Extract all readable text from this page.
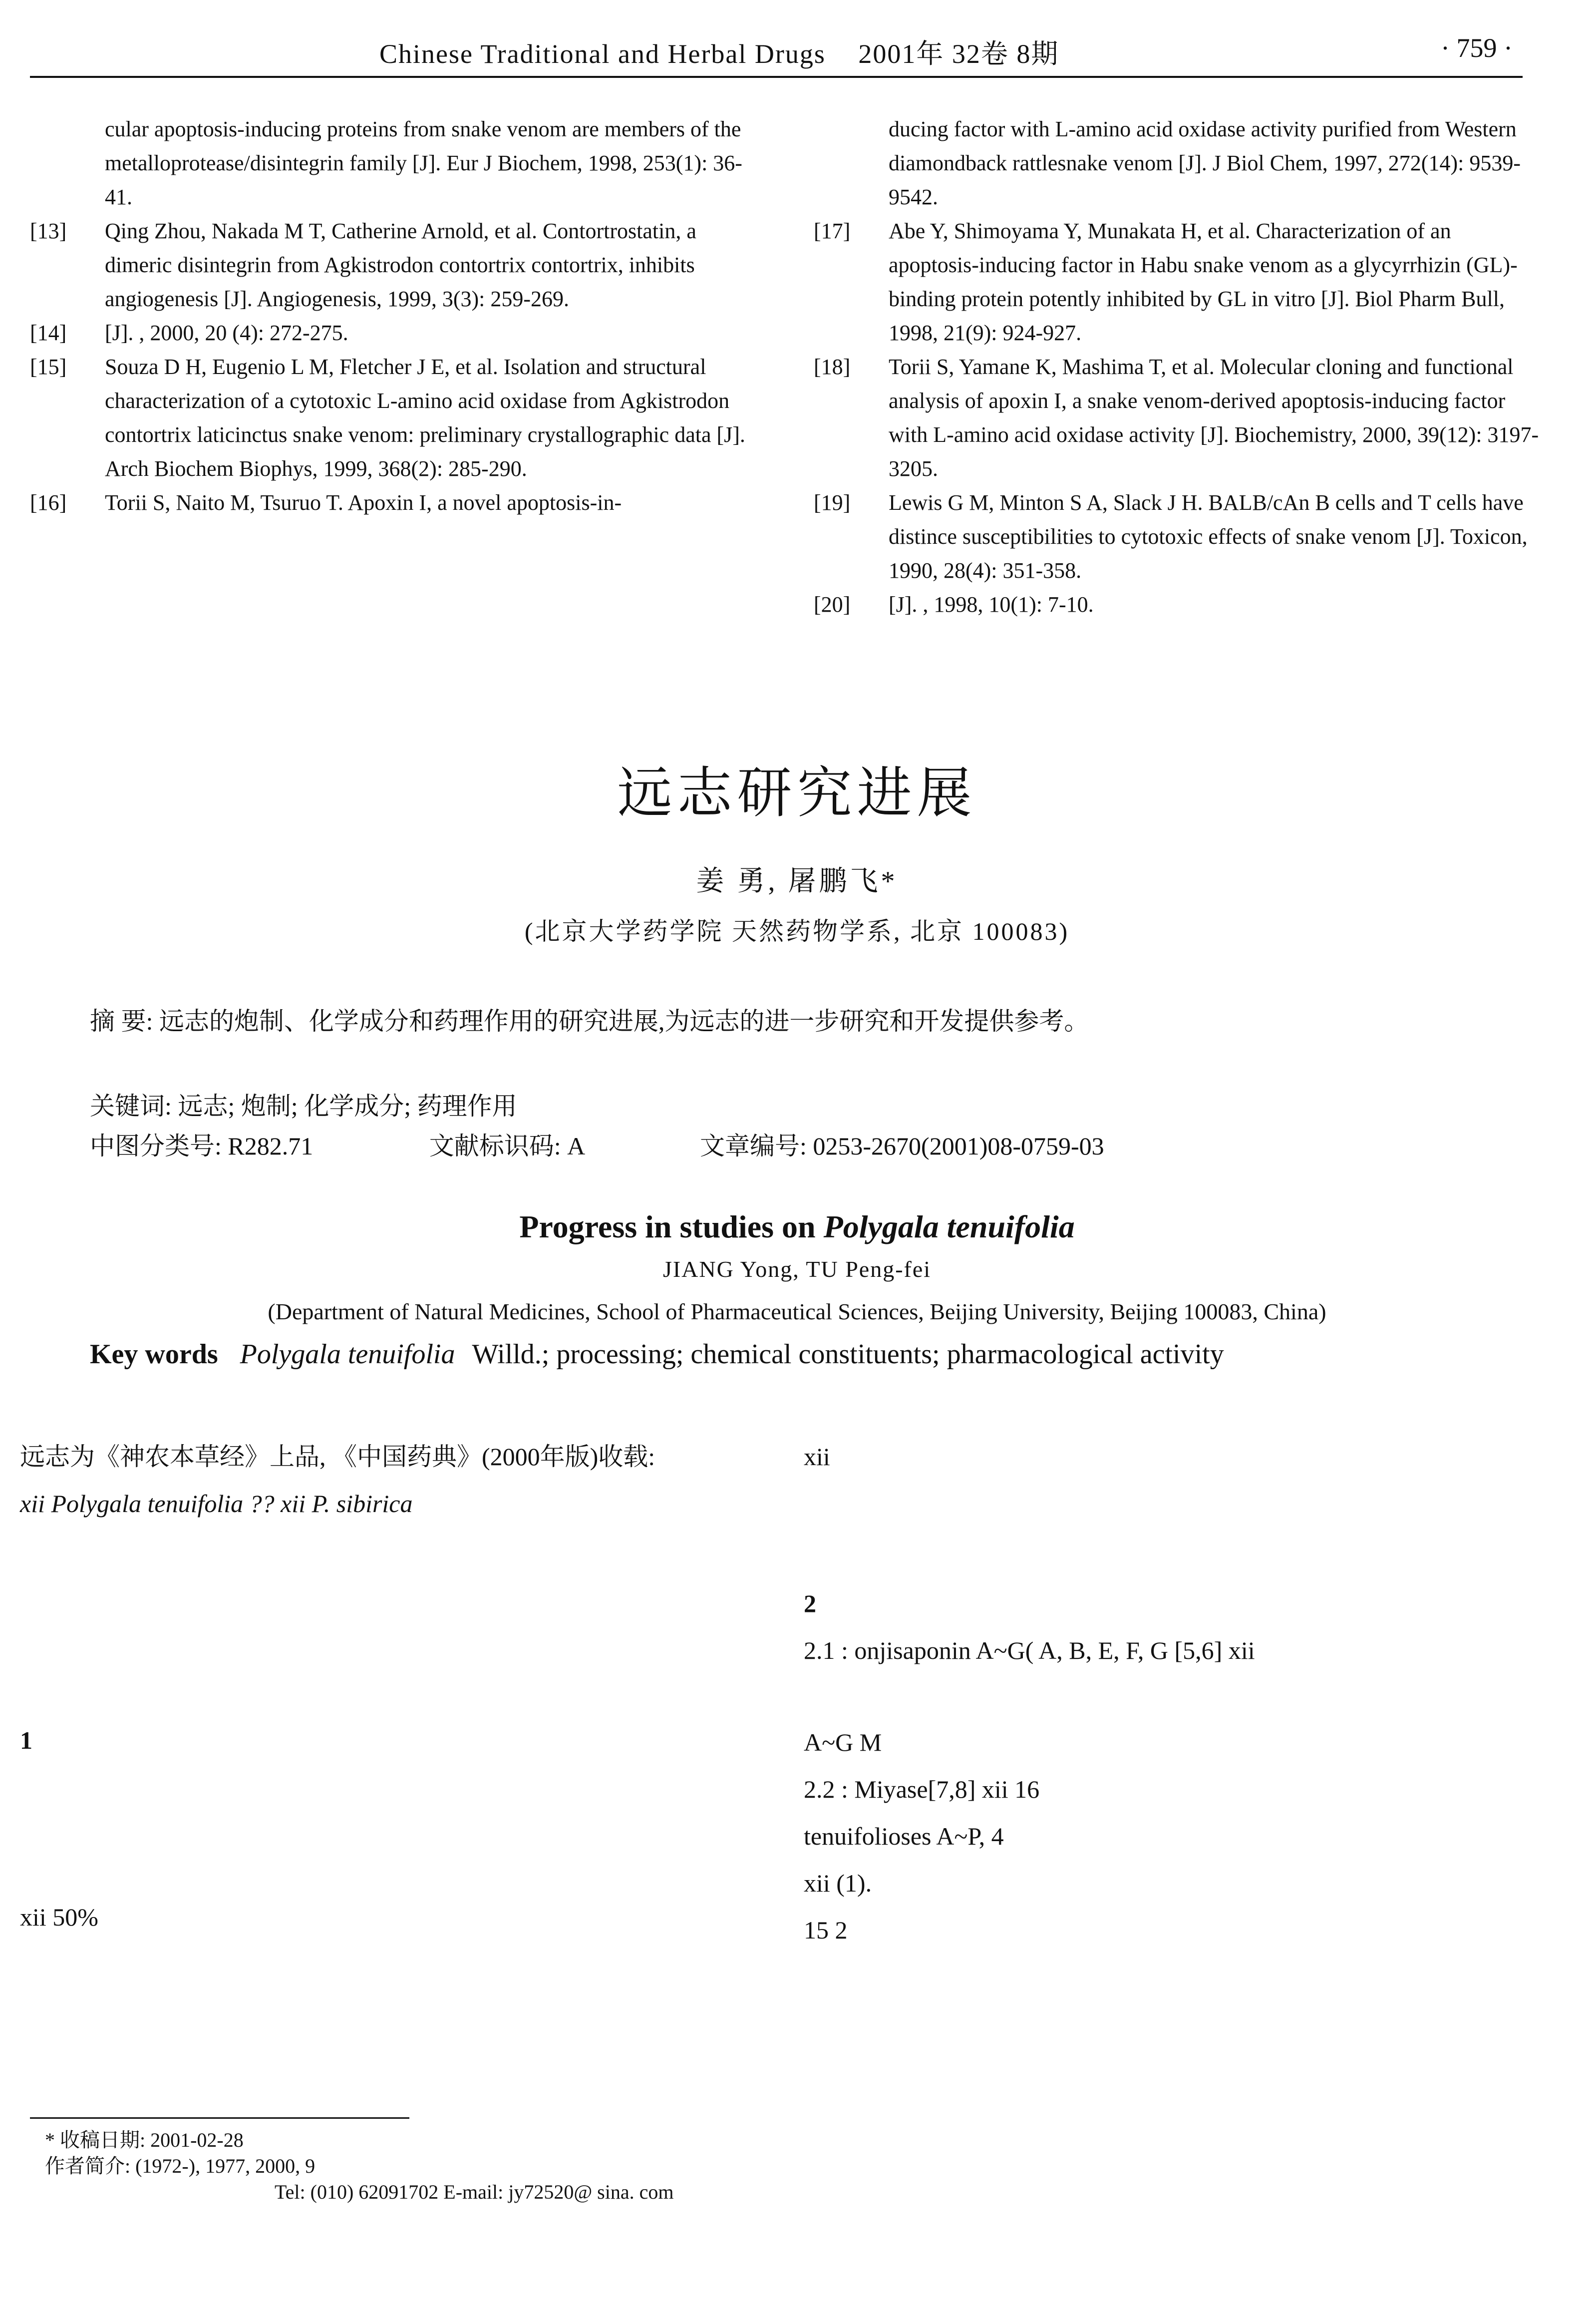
Chinese Traditional and Herbal Drugs 2001年 32卷 8期	· 759 ·
cular apoptosis-inducing proteins from snake venom are members of the metalloprotease/disintegrin family [J]. Eur J Biochem, 1998, 253(1): 36-41.
[13] Qing Zhou, Nakada M T, Catherine Arnold, et al. Contortrostatin, a dimeric disintegrin from Agkistrodon contortrix contortrix, inhibits angiogenesis [J]. Angiogenesis, 1999, 3(3): 259-269.
[14] [J]. , 2000, 20 (4): 272-275.
[15] Souza D H, Eugenio L M, Fletcher J E, et al. Isolation and structural characterization of a cytotoxic L-amino acid oxidase from Agkistrodon contortrix laticinctus snake venom: preliminary crystallographic data [J]. Arch Biochem Biophys, 1999, 368(2): 285-290.
[16] Torii S, Naito M, Tsuruo T. Apoxin I, a novel apoptosis-in-
ducing factor with L-amino acid oxidase activity purified from Western diamondback rattlesnake venom [J]. J Biol Chem, 1997, 272(14): 9539-9542.
[17] Abe Y, Shimoyama Y, Munakata H, et al. Characterization of an apoptosis-inducing factor in Habu snake venom as a glycyrrhizin (GL)-binding protein potently inhibited by GL in vitro [J]. Biol Pharm Bull, 1998, 21(9): 924-927.
[18] Torii S, Yamane K, Mashima T, et al. Molecular cloning and functional analysis of apoxin I, a snake venom-derived apoptosis-inducing factor with L-amino acid oxidase activity [J]. Biochemistry, 2000, 39(12): 3197-3205.
[19] Lewis G M, Minton S A, Slack J H. BALB/cAn B cells and T cells have distince susceptibilities to cytotoxic effects of snake venom [J]. Toxicon, 1990, 28(4): 351-358.
[20] [J]. , 1998, 10(1): 7-10.
远志研究进展
姜 勇, 屠鹏飞*
(北京大学药学院 天然药物学系, 北京 100083)
摘 要: 远志的炮制、化学成分和药理作用的研究进展,为远志的进一步研究和开发提供参考。
关键词: 远志; 炮制; 化学成分; 药理作用
中图分类号: R282.71	文献标识码: A	文章编号: 0253-2670(2001)08-0759-03
Progress in studies on Polygala tenuifolia
JIANG Yong, TU Peng-fei
(Department of Natural Medicines, School of Pharmaceutical Sciences, Beijing University, Beijing 100083, China)
Key words Polygala tenuifolia Willd.; processing; chemical constituents; pharmacological activity
远志为《神农本草经》上品, 《中国药典》(2000年版)收载:
xii Polygala tenuifolia ?? xii P. sibirica
1
xii 50%
xii
2
2.1 : onjisaponin A~G( A, B, E, F, G [5,6] xii
A~G M
2.2 : Miyase[7,8] xii 16
tenuifolioses A~P, 4
xii (1).
15 2
* 收稿日期: 2001-02-28
作者简介: (1972-), 1977, 2000, 9
Tel: (010) 62091702 E-mail: jy72520@ sina. com
